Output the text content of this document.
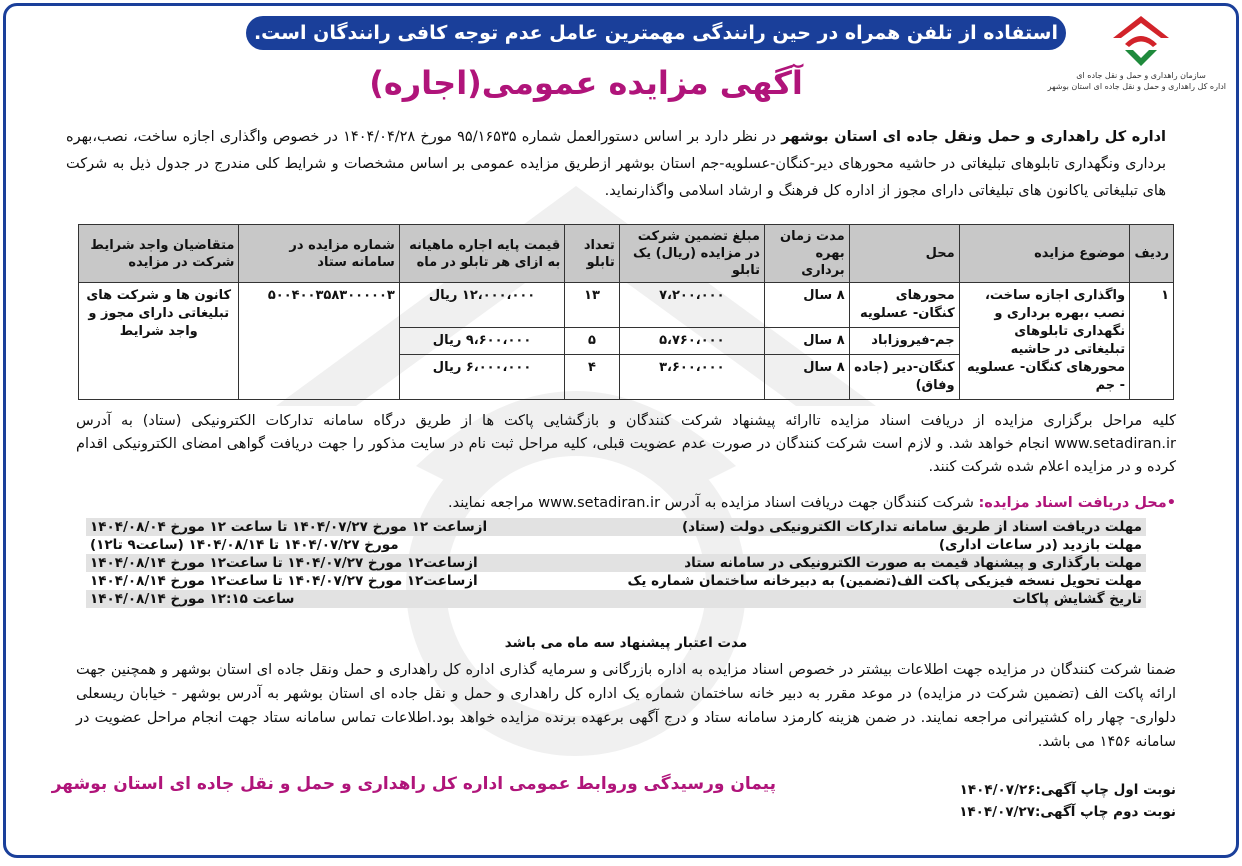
استفاده از تلفن همراه در حین رانندگی مهمترین عامل عدم توجه کافی رانندگان است.
سازمان راهداری و حمل و نقل جاده ای
اداره کل راهداری و حمل و نقل جاده ای استان بوشهر
آگهی مزایده عمومی(اجاره)
اداره کل راهداری و حمل ونقل جاده ای استان بوشهر در نظر دارد بر اساس دستورالعمل شماره ۹۵/۱۶۵۳۵ مورخ ۱۴۰۴/۰۴/۲۸ در خصوص واگذاری اجازه ساخت، نصب،بهره برداری ونگهداری تابلوهای تبلیغاتی در حاشیه محورهای دیر-کنگان-عسلویه-جم استان بوشهر ازطریق مزایده عمومی بر اساس مشخصات و شرایط کلی مندرج در جدول ذیل به شرکت های تبلیغاتی یاکانون های تبلیغاتی دارای مجوز از اداره کل فرهنگ و ارشاد اسلامی واگذارنماید.
ردیف	موضوع مزایده	محل	مدت زمان بهره برداری	مبلغ تضمین شرکت در مزایده (ریال) یک تابلو	تعداد تابلو	قیمت پایه اجاره ماهیانه به ازای هر تابلو در ماه	شماره مزایده در سامانه ستاد	متقاضیان واجد شرایط شرکت در مزایده
۱	واگذاری اجازه ساخت، نصب ،بهره برداری و نگهداری تابلوهای تبلیغاتی در حاشیه محورهای کنگان- عسلویه - جم	محورهای کنگان- عسلویه	۸ سال	۷،۲۰۰،۰۰۰	۱۳	۱۲،۰۰۰،۰۰۰ ریال	۵۰۰۴۰۰۳۵۸۳۰۰۰۰۰۳	کانون ها و شرکت های تبلیغاتی دارای مجوز و واجد شرایط
		جم-فیروزاباد	۸ سال	۵،۷۶۰،۰۰۰	۵	۹،۶۰۰،۰۰۰ ریال		
		کنگان-دیر (جاده وفاق)	۸ سال	۳،۶۰۰،۰۰۰	۴	۶،۰۰۰،۰۰۰ ریال		
کلیه مراحل برگزاری مزایده از دریافت اسناد مزایده تاارائه پیشنهاد شرکت کنندگان و بازگشایی پاکت ها از طریق درگاه سامانه تدارکات الکترونیکی (ستاد) به آدرس www.setadiran.ir انجام خواهد شد. و لازم است شرکت کنندگان در صورت عدم عضویت قبلی، کلیه مراحل ثبت نام در سایت مذکور را جهت دریافت گواهی امضای الکترونیکی اقدام کرده و در مزایده اعلام شده شرکت کنند.
•محل دریافت اسناد مزایده: شرکت کنندگان جهت دریافت اسناد مزایده به آدرس www.setadiran.ir مراجعه نمایند.
مهلت دریافت اسناد از طریق سامانه تدارکات الکترونیکی دولت (ستاد)	ازساعت ۱۲ مورخ ۱۴۰۴/۰۷/۲۷ تا ساعت ۱۲ مورخ ۱۴۰۴/۰۸/۰۴
مهلت بازدید (در ساعات اداری)	مورخ ۱۴۰۴/۰۷/۲۷ تا ۱۴۰۴/۰۸/۱۴ (ساعت۹ تا۱۲)
مهلت بارگذاری و پیشنهاد قیمت به صورت الکترونیکی در سامانه ستاد	ازساعت۱۲ مورخ ۱۴۰۴/۰۷/۲۷ تا ساعت۱۲ مورخ ۱۴۰۴/۰۸/۱۴
مهلت تحویل نسخه فیزیکی پاکت الف(تضمین) به دبیرخانه ساختمان شماره یک	ازساعت۱۲ مورخ ۱۴۰۴/۰۷/۲۷ تا ساعت۱۲ مورخ ۱۴۰۴/۰۸/۱۴
تاریخ گشایش پاکات	ساعت ۱۲:۱۵ مورخ ۱۴۰۴/۰۸/۱۴
مدت اعتبار پیشنهاد سه ماه می باشد
ضمنا شرکت کنندگان در مزایده جهت اطلاعات بیشتر در خصوص اسناد مزایده به اداره بازرگانی و سرمایه گذاری اداره کل راهداری و حمل ونقل جاده ای استان بوشهر و همچنین جهت ارائه پاکت الف (تضمین شرکت در مزایده) در موعد مقرر به دبیر خانه ساختمان شماره یک اداره کل راهداری و حمل و نقل جاده ای استان بوشهر به آدرس بوشهر - خیابان ریسعلی دلواری- چهار راه کشتیرانی مراجعه نمایند. در ضمن هزینه کارمزد سامانه ستاد و درج آگهی برعهده برنده مزایده خواهد بود.اطلاعات تماس سامانه ستاد جهت انجام مراحل عضویت در سامانه ۱۴۵۶ می باشد.
نوبت اول چاپ آگهی:۱۴۰۴/۰۷/۲۶
نوبت دوم چاپ آگهی:۱۴۰۴/۰۷/۲۷
پیمان ورسیدگی وروابط عمومی اداره کل راهداری و حمل و نقل جاده ای استان بوشهر
